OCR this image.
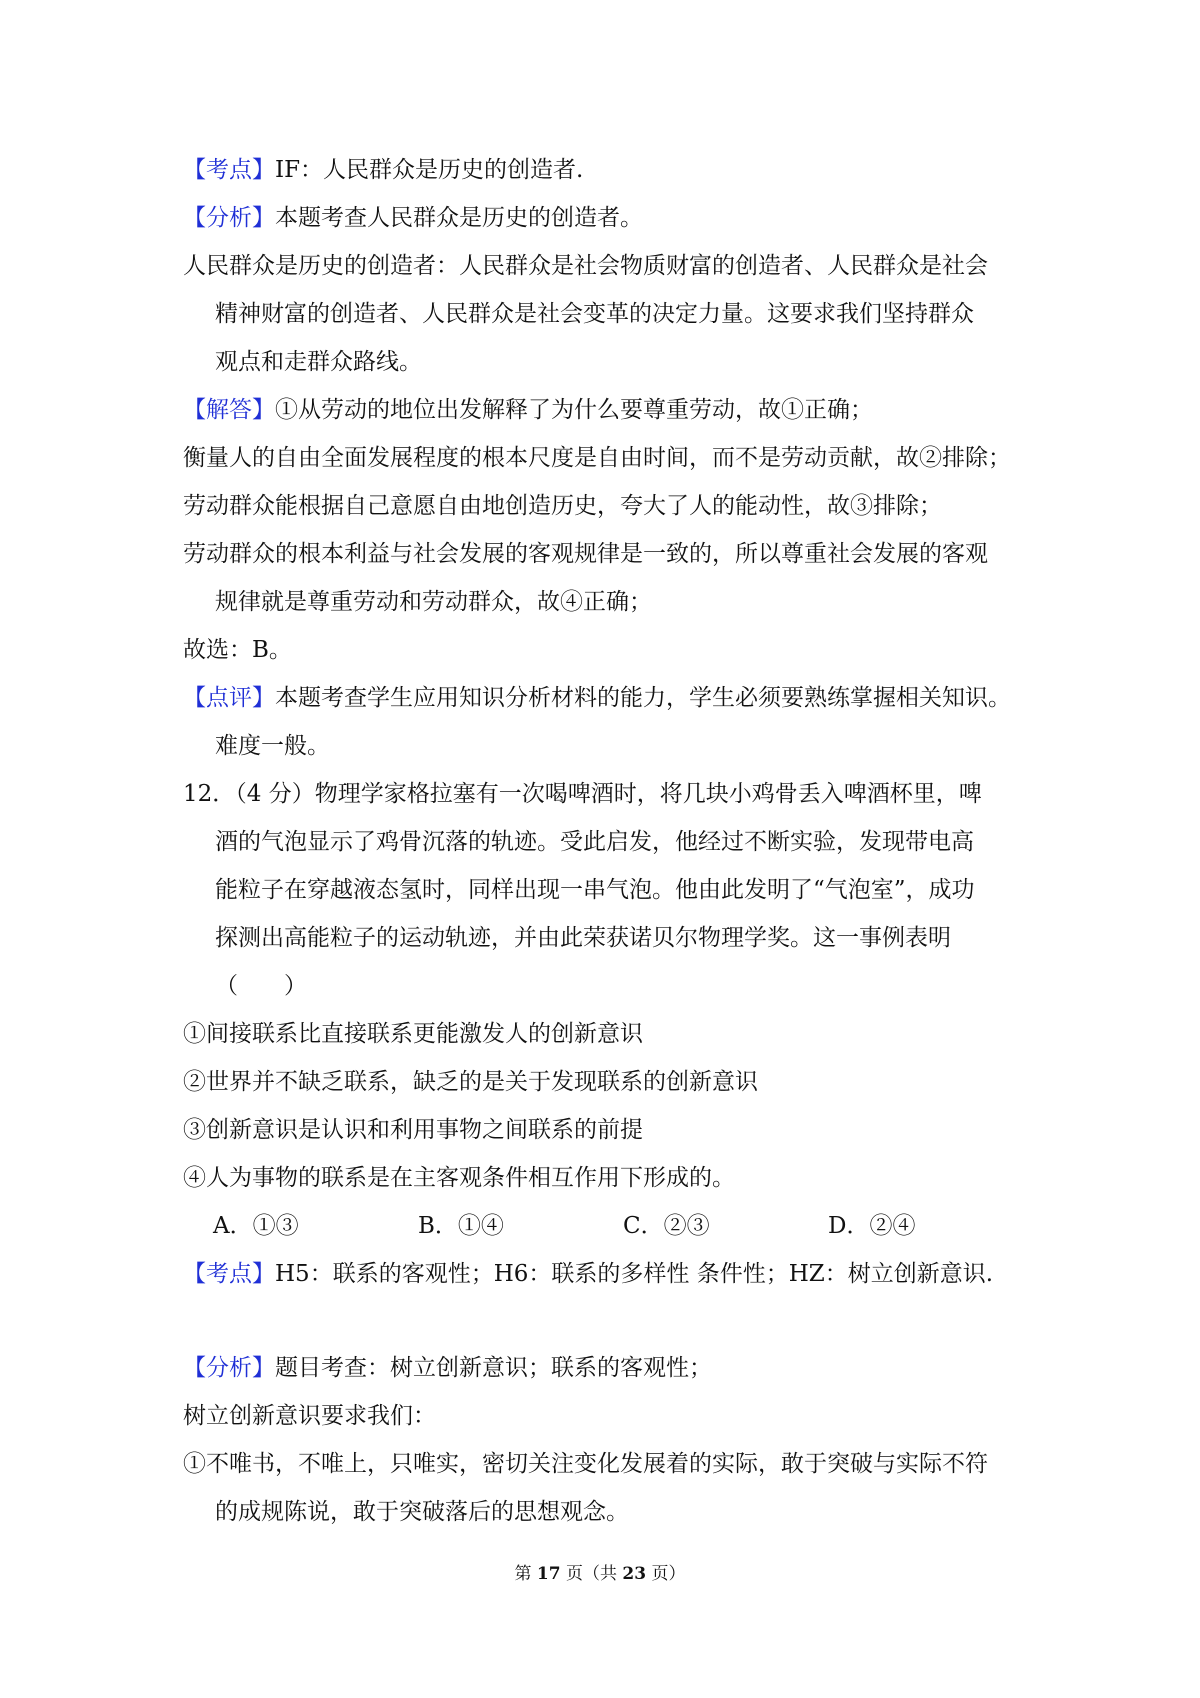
【考点】IF：人民群众是历史的创造者.
【分析】本题考查人民群众是历史的创造者。
人民群众是历史的创造者：人民群众是社会物质财富的创造者、人民群众是社会
精神财富的创造者、人民群众是社会变革的决定力量。这要求我们坚持群众
观点和走群众路线。
【解答】①从劳动的地位出发解释了为什么要尊重劳动，故①正确；
衡量人的自由全面发展程度的根本尺度是自由时间，而不是劳动贡献，故②排除；
劳动群众能根据自己意愿自由地创造历史，夸大了人的能动性，故③排除；
劳动群众的根本利益与社会发展的客观规律是一致的，所以尊重社会发展的客观
规律就是尊重劳动和劳动群众，故④正确；
故选：B。
【点评】本题考查学生应用知识分析材料的能力，学生必须要熟练掌握相关知识。
难度一般。
12．（4 分）物理学家格拉塞有一次喝啤酒时，将几块小鸡骨丢入啤酒杯里，啤
酒的气泡显示了鸡骨沉落的轨迹。受此启发，他经过不断实验，发现带电高
能粒子在穿越液态氢时，同样出现一串气泡。他由此发明了“气泡室”，成功
探测出高能粒子的运动轨迹，并由此荣获诺贝尔物理学奖。这一事例表明
（　　）
①间接联系比直接联系更能激发人的创新意识
②世界并不缺乏联系，缺乏的是关于发现联系的创新意识
③创新意识是认识和利用事物之间联系的前提
④人为事物的联系是在主客观条件相互作用下形成的。
A．①③	B．①④	C．②③	D．②④
【考点】H5：联系的客观性；H6：联系的多样性 条件性；HZ：树立创新意识.
【分析】题目考查：树立创新意识；联系的客观性；
树立创新意识要求我们：
①不唯书，不唯上，只唯实，密切关注变化发展着的实际，敢于突破与实际不符
的成规陈说，敢于突破落后的思想观念。
第 17 页（共 23 页）
